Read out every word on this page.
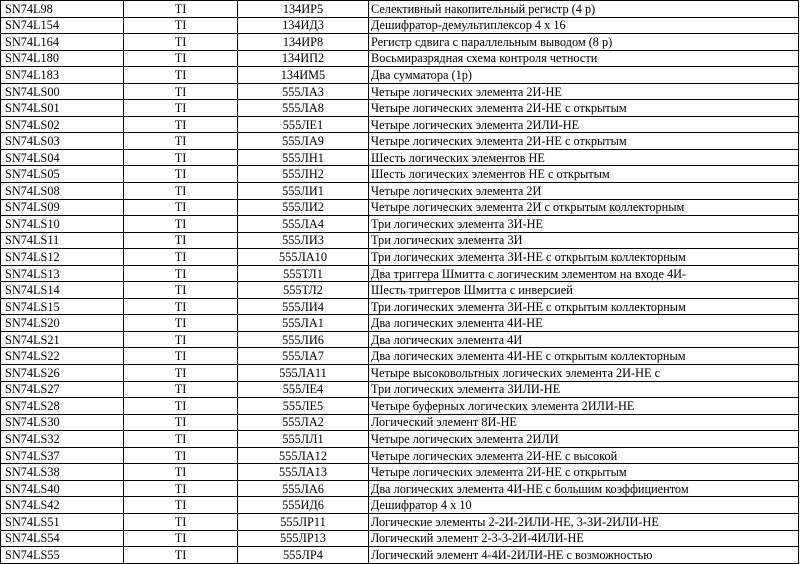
SN74L98	TI	134ИР5	Селективный накопительный регистр (4 р)
SN74L154	TI	134ИД3	Дешифратор-демультиплексор 4 х 16
SN74L164	TI	134ИР8	Регистр сдвига с параллельным выводом (8 р)
SN74L180	TI	134ИП2	Восьмиразрядная схема контроля четности
SN74L183	TI	134ИМ5	Два сумматора (1р)
SN74LS00	TI	555ЛА3	Четыре логических элемента 2И-НЕ
SN74LS01	TI	555ЛА8	Четыре логических элемента 2И-НЕ с открытым
SN74LS02	TI	555ЛЕ1	Четыре логических элемента 2ИЛИ-НЕ
SN74LS03	TI	555ЛА9	Четыре логических элемента 2И-НЕ с открытым
SN74LS04	TI	555ЛН1	Шесть логических элементов НЕ
SN74LS05	TI	555ЛН2	Шесть логических элементов НЕ с открытым
SN74LS08	TI	555ЛИ1	Четыре логических элемента 2И
SN74LS09	TI	555ЛИ2	Четыре логических элемента 2И с открытым коллекторным
SN74LS10	TI	555ЛА4	Три логических элемента 3И-НЕ
SN74LS11	TI	555ЛИ3	Три логических элемента 3И
SN74LS12	TI	555ЛА10	Три логических элемента 3И-НЕ с открытым коллекторным
SN74LS13	TI	555ТЛ1	Два триггера Шмитта с логическим элементом на входе 4И-
SN74LS14	TI	555ТЛ2	Шесть триггеров Шмитта с инверсией
SN74LS15	TI	555ЛИ4	Три логических элемента 3И-НЕ с открытым коллекторным
SN74LS20	TI	555ЛА1	Два логических элемента 4И-НЕ
SN74LS21	TI	555ЛИ6	Два логических элемента 4И
SN74LS22	TI	555ЛА7	Два логических элемента 4И-НЕ с открытым коллекторным
SN74LS26	TI	555ЛА11	Четыре высоковольтных логических элемента 2И-НЕ с
SN74LS27	TI	555ЛЕ4	Три логических элемента 3ИЛИ-НЕ
SN74LS28	TI	555ЛЕ5	Четыре буферных логических элемента 2ИЛИ-НЕ
SN74LS30	TI	555ЛА2	Логический элемент 8И-НЕ
SN74LS32	TI	555ЛЛ1	Четыре логических элемента 2ИЛИ
SN74LS37	TI	555ЛА12	Четыре логических элемента 2И-НЕ с высокой
SN74LS38	TI	555ЛА13	Четыре логических элемента 2И-НЕ с открытым
SN74LS40	TI	555ЛА6	Два логических элемента 4И-НЕ с большим коэффициентом
SN74LS42	TI	555ИД6	Дешифратор 4 х 10
SN74LS51	TI	555ЛР11	Логические элементы 2-2И-2ИЛИ-НЕ, 3-3И-2ИЛИ-НЕ
SN74LS54	TI	555ЛР13	Логический элемент 2-3-3-2И-4ИЛИ-НЕ
SN74LS55	TI	555ЛР4	Логический элемент 4-4И-2ИЛИ-НЕ с возможностью
